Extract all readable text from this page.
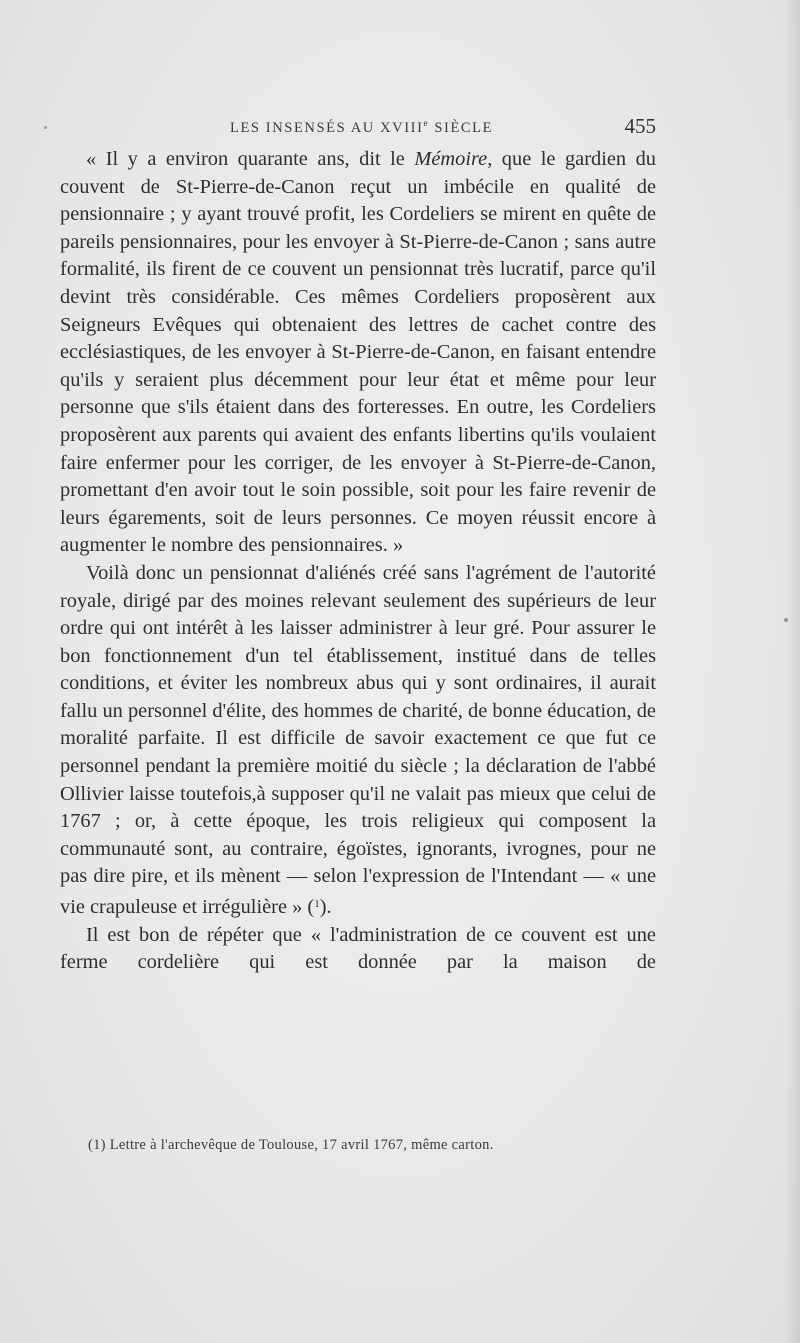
LES INSENSÉS AU XVIIIe SIÈCLE	455

« Il y a environ quarante ans, dit le Mémoire, que le gardien du couvent de St-Pierre-de-Canon reçut un imbécile en qualité de pensionnaire ; y ayant trouvé profit, les Cordeliers se mirent en quête de pareils pensionnaires, pour les envoyer à St-Pierre-de-Canon ; sans autre formalité, ils firent de ce couvent un pensionnat très lucratif, parce qu'il devint très considérable. Ces mêmes Cordeliers proposèrent aux Seigneurs Evêques qui obtenaient des lettres de cachet contre des ecclésiastiques, de les envoyer à St-Pierre-de-Canon, en faisant entendre qu'ils y seraient plus décemment pour leur état et même pour leur personne que s'ils étaient dans des forteresses. En outre, les Cordeliers proposèrent aux parents qui avaient des enfants libertins qu'ils voulaient faire enfermer pour les corriger, de les envoyer à St-Pierre-de-Canon, promettant d'en avoir tout le soin possible, soit pour les faire revenir de leurs égarements, soit de leurs personnes. Ce moyen réussit encore à augmenter le nombre des pensionnaires. »

Voilà donc un pensionnat d'aliénés créé sans l'agrément de l'autorité royale, dirigé par des moines relevant seulement des supérieurs de leur ordre qui ont intérêt à les laisser administrer à leur gré. Pour assurer le bon fonctionnement d'un tel établissement, institué dans de telles conditions, et éviter les nombreux abus qui y sont ordinaires, il aurait fallu un personnel d'élite, des hommes de charité, de bonne éducation, de moralité parfaite. Il est difficile de savoir exactement ce que fut ce personnel pendant la première moitié du siècle ; la déclaration de l'abbé Ollivier laisse toutefois,à supposer qu'il ne valait pas mieux que celui de 1767 ; or, à cette époque, les trois religieux qui composent la communauté sont, au contraire, égoïstes, ignorants, ivrognes, pour ne pas dire pire, et ils mènent — selon l'expression de l'Intendant — « une vie crapuleuse et irrégulière » ($^1$).

Il est bon de répéter que « l'administration de ce couvent est une ferme cordelière qui est donnée par la maison de

(1) Lettre à l'archevêque de Toulouse, 17 avril 1767, même carton.
